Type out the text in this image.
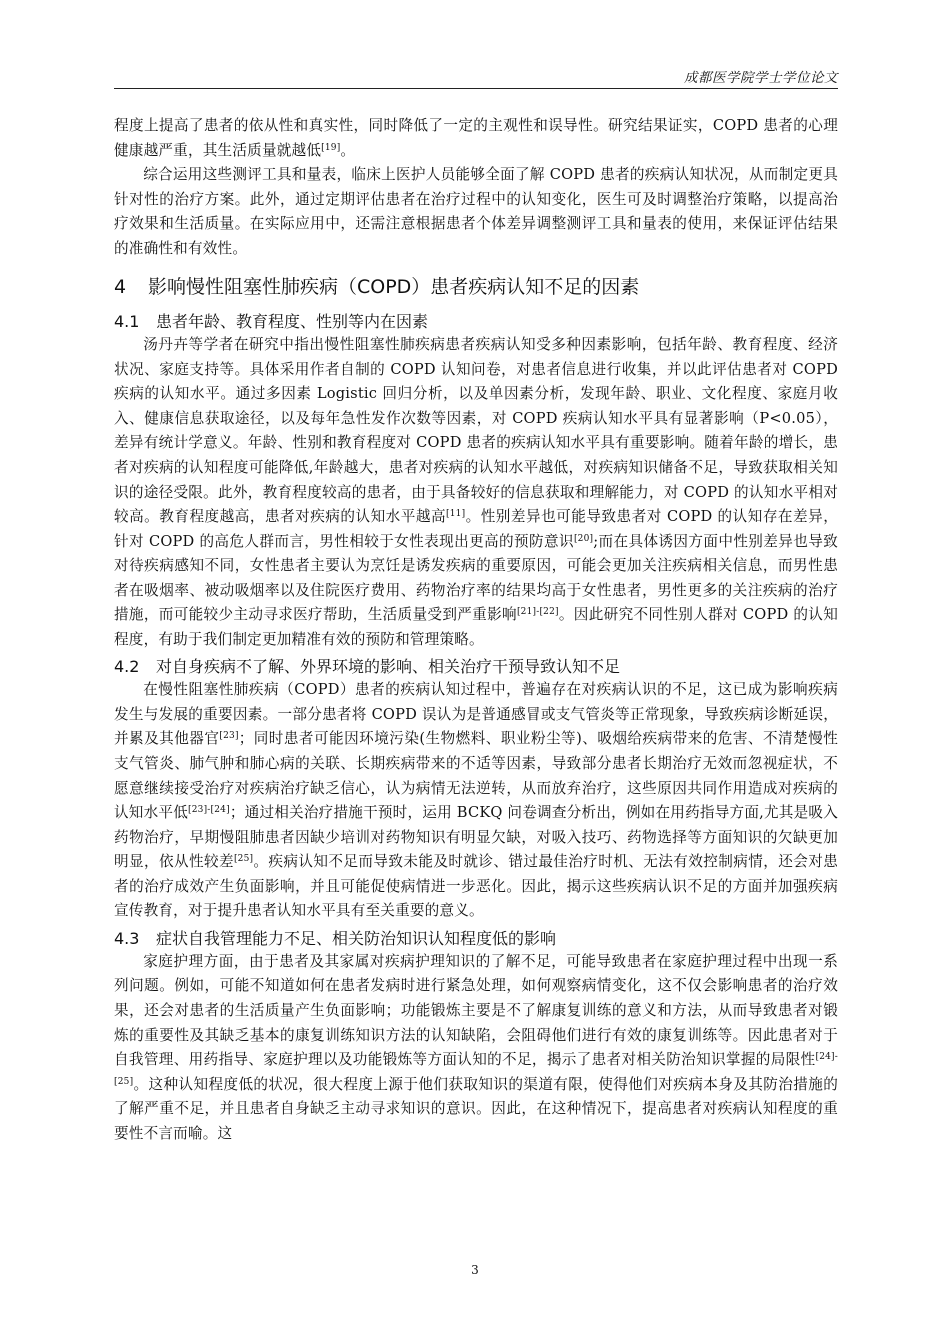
成都医学院学士学位论文

程度上提高了患者的依从性和真实性，同时降低了一定的主观性和误导性。研究结果证实，COPD 患者的心理健康越严重，其生活质量就越低[19]。

综合运用这些测评工具和量表，临床上医护人员能够全面了解 COPD 患者的疾病认知状况，从而制定更具针对性的治疗方案。此外，通过定期评估患者在治疗过程中的认知变化，医生可及时调整治疗策略，以提高治疗效果和生活质量。在实际应用中，还需注意根据患者个体差异调整测评工具和量表的使用，来保证评估结果的准确性和有效性。

4 影响慢性阻塞性肺疾病（COPD）患者疾病认知不足的因素
4.1 患者年龄、教育程度、性别等内在因素

汤丹卉等学者在研究中指出慢性阻塞性肺疾病患者疾病认知受多种因素影响，包括年龄、教育程度、经济状况、家庭支持等。具体采用作者自制的 COPD 认知问卷，对患者信息进行收集，并以此评估患者对 COPD 疾病的认知水平。通过多因素 Logistic 回归分析，以及单因素分析，发现年龄、职业、文化程度、家庭月收入、健康信息获取途径，以及每年急性发作次数等因素，对 COPD 疾病认知水平具有显著影响（P<0.05），差异有统计学意义。年龄、性别和教育程度对 COPD 患者的疾病认知水平具有重要影响。随着年龄的增长，患者对疾病的认知程度可能降低,年龄越大，患者对疾病的认知水平越低，对疾病知识储备不足，导致获取相关知识的途径受限。此外，教育程度较高的患者，由于具备较好的信息获取和理解能力，对 COPD 的认知水平相对较高。教育程度越高，患者对疾病的认知水平越高[11]。性别差异也可能导致患者对 COPD 的认知存在差异，针对 COPD 的高危人群而言，男性相较于女性表现出更高的预防意识[20];而在具体诱因方面中性别差异也导致对待疾病感知不同，女性患者主要认为烹饪是诱发疾病的重要原因，可能会更加关注疾病相关信息，而男性患者在吸烟率、被动吸烟率以及住院医疗费用、药物治疗率的结果均高于女性患者，男性更多的关注疾病的治疗措施，而可能较少主动寻求医疗帮助，生活质量受到严重影响[21]-[22]。因此研究不同性别人群对 COPD 的认知程度，有助于我们制定更加精准有效的预防和管理策略。

4.2 对自身疾病不了解、外界环境的影响、相关治疗干预导致认知不足

在慢性阻塞性肺疾病（COPD）患者的疾病认知过程中，普遍存在对疾病认识的不足，这已成为影响疾病发生与发展的重要因素。一部分患者将 COPD 误认为是普通感冒或支气管炎等正常现象，导致疾病诊断延误，并累及其他器官[23]；同时患者可能因环境污染(生物燃料、职业粉尘等)、吸烟给疾病带来的危害、不清楚慢性支气管炎、肺气肿和肺心病的关联、长期疾病带来的不适等因素，导致部分患者长期治疗无效而忽视症状，不愿意继续接受治疗对疾病治疗缺乏信心，认为病情无法逆转，从而放弃治疗，这些原因共同作用造成对疾病的认知水平低[23]-[24]；通过相关治疗措施干预时，运用 BCKQ 问卷调查分析出，例如在用药指导方面,尤其是吸入药物治疗，早期慢阻肺患者因缺少培训对药物知识有明显欠缺，对吸入技巧、药物选择等方面知识的欠缺更加明显，依从性较差[25]。疾病认知不足而导致未能及时就诊、错过最佳治疗时机、无法有效控制病情，还会对患者的治疗成效产生负面影响，并且可能促使病情进一步恶化。因此，揭示这些疾病认识不足的方面并加强疾病宣传教育，对于提升患者认知水平具有至关重要的意义。

4.3 症状自我管理能力不足、相关防治知识认知程度低的影响

家庭护理方面，由于患者及其家属对疾病护理知识的了解不足，可能导致患者在家庭护理过程中出现一系列问题。例如，可能不知道如何在患者发病时进行紧急处理，如何观察病情变化，这不仅会影响患者的治疗效果，还会对患者的生活质量产生负面影响；功能锻炼主要是不了解康复训练的意义和方法，从而导致患者对锻炼的重要性及其缺乏基本的康复训练知识方法的认知缺陷，会阻碍他们进行有效的康复训练等。因此患者对于自我管理、用药指导、家庭护理以及功能锻炼等方面认知的不足，揭示了患者对相关防治知识掌握的局限性[24]-[25]。这种认知程度低的状况，很大程度上源于他们获取知识的渠道有限，使得他们对疾病本身及其防治措施的了解严重不足，并且患者自身缺乏主动寻求知识的意识。因此，在这种情况下，提高患者对疾病认知程度的重要性不言而喻。这

3
